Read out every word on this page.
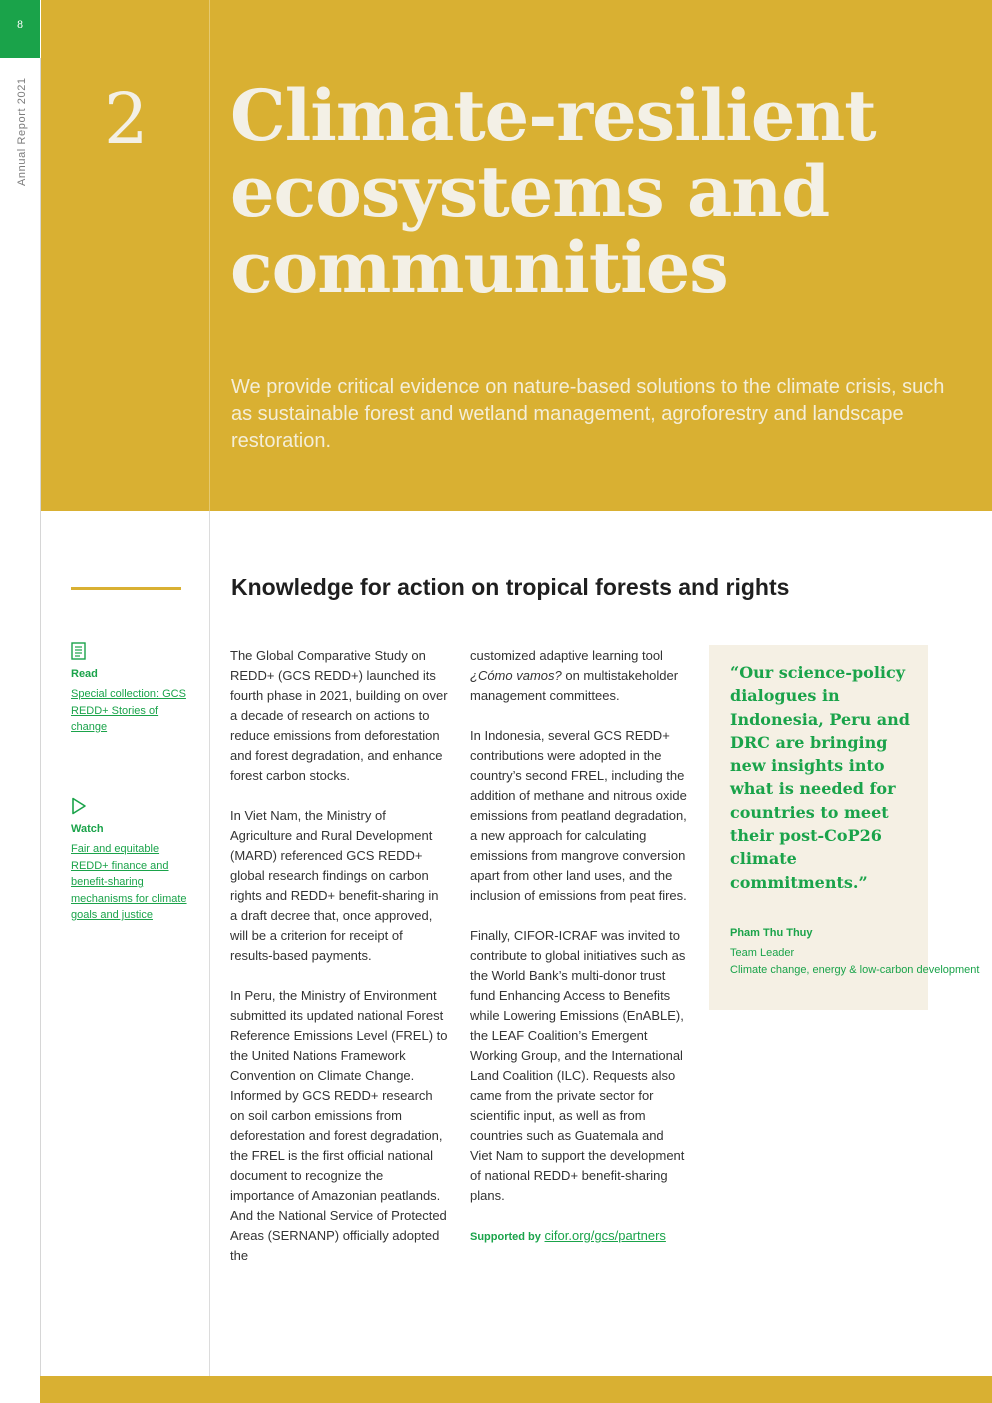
8
Annual Report 2021 2 Climate-resilient ecosystems and communities

We provide critical evidence on nature-based solutions to the climate crisis, such as sustainable forest and wetland management, agroforestry and landscape restoration.

Knowledge for action on tropical forests and rights
Read
Special collection: GCS REDD+ Stories of change
Watch
Fair and equitable REDD+ finance and benefit-sharing mechanisms for climate goals and justice

The Global Comparative Study on REDD+ (GCS REDD+) launched its fourth phase in 2021, building on over a decade of research on actions to reduce emissions from deforestation and forest degradation, and enhance forest carbon stocks.

In Viet Nam, the Ministry of Agriculture and Rural Development (MARD) referenced GCS REDD+ global research findings on carbon rights and REDD+ benefit-sharing in a draft decree that, once approved, will be a criterion for receipt of results-based payments.

In Peru, the Ministry of Environment submitted its updated national Forest Reference Emissions Level (FREL) to the United Nations Framework Convention on Climate Change. Informed by GCS REDD+ research on soil carbon emissions from deforestation and forest degradation, the FREL is the first official national document to recognize the importance of Amazonian peatlands. And the National Service of Protected Areas (SERNANP) officially adopted the

customized adaptive learning tool ¿Cómo vamos? on multistakeholder management committees.

In Indonesia, several GCS REDD+ contributions were adopted in the country’s second FREL, including the addition of methane and nitrous oxide emissions from peatland degradation, a new approach for calculating emissions from mangrove conversion apart from other land uses, and the inclusion of emissions from peat fires.

Finally, CIFOR-ICRAF was invited to contribute to global initiatives such as the World Bank’s multi-donor trust fund Enhancing Access to Benefits while Lowering Emissions (EnABLE), the LEAF Coalition’s Emergent Working Group, and the International Land Coalition (ILC). Requests also came from the private sector for scientific input, as well as from countries such as Guatemala and Viet Nam to support the development of national REDD+ benefit-sharing plans.

Supported by cifor.org/gcs/partners

“Our science-policy dialogues in Indonesia, Peru and DRC are bringing new insights into what is needed for countries to meet their post-CoP26 climate commitments.”

Pham Thu Thuy
Team Leader
Climate change, energy & low-carbon development
